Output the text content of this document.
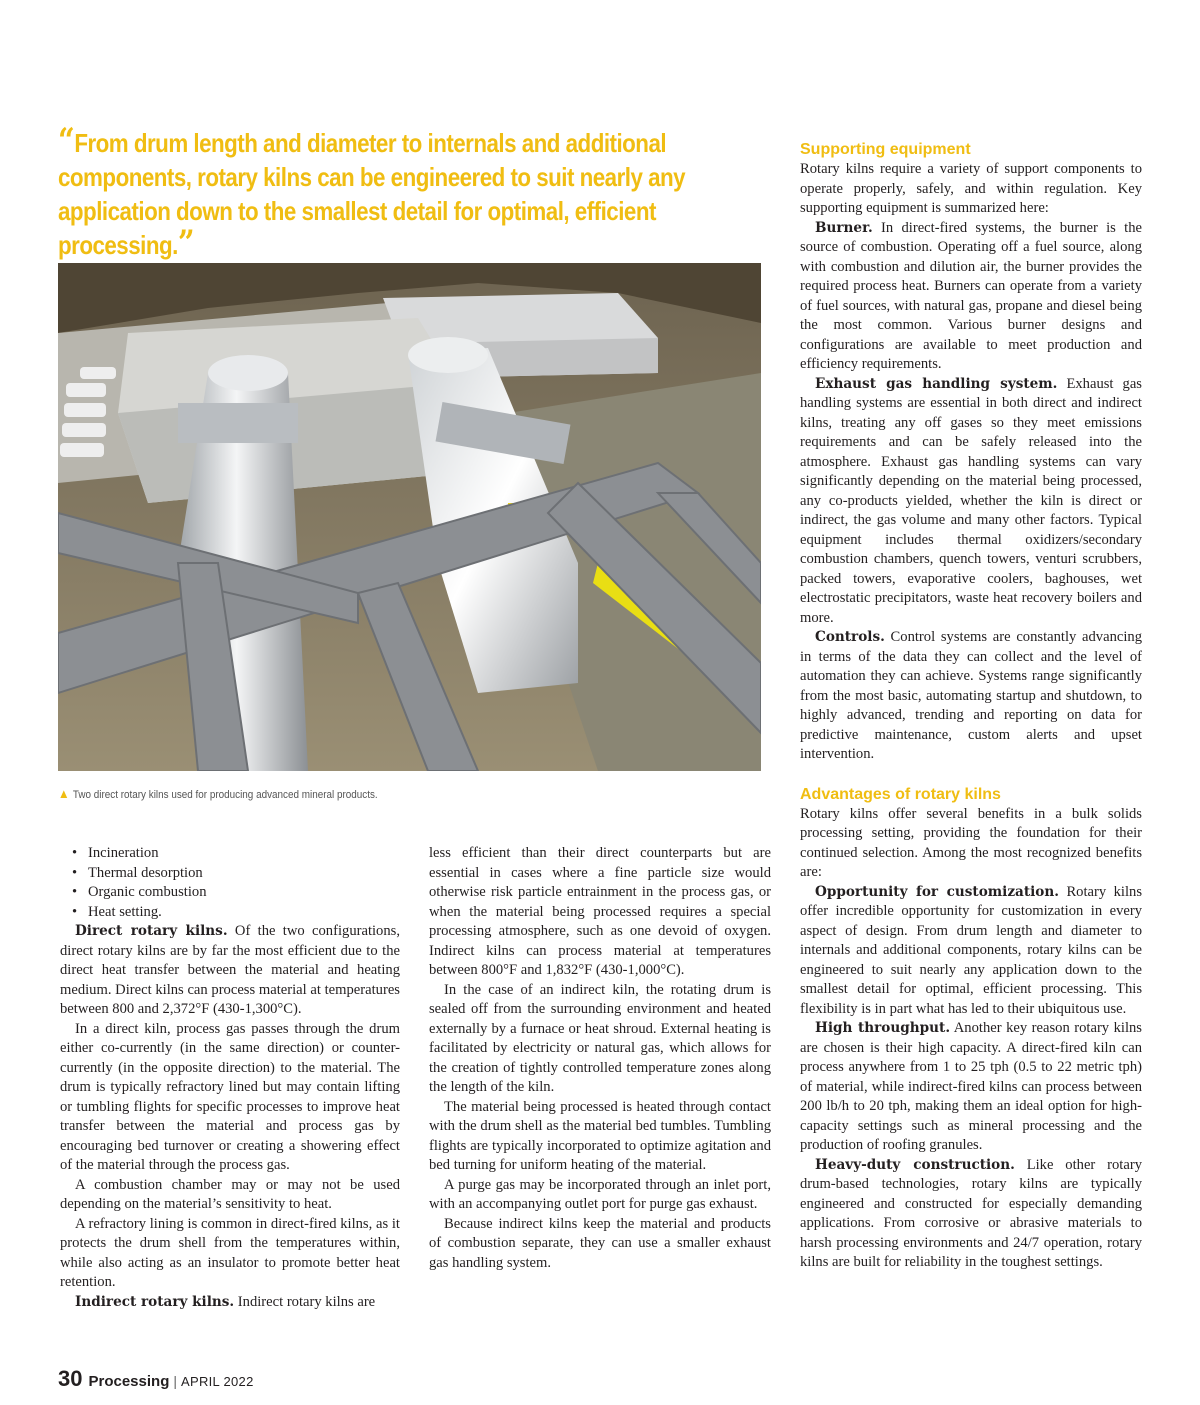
“From drum length and diameter to internals and additional components, rotary kilns can be engineered to suit nearly any application down to the smallest detail for optimal, efficient processing.”
▲ Two direct rotary kilns used for producing advanced mineral products.
• Incineration
• Thermal desorption
• Organic combustion
• Heat setting.

Direct rotary kilns. Of the two configurations, direct rotary kilns are by far the most efficient due to the direct heat transfer between the material and heating medium. Direct kilns can process material at temperatures between 800 and 2,372°F (430-1,300°C).

In a direct kiln, process gas passes through the drum either co-currently (in the same direction) or counter-currently (in the opposite direction) to the material. The drum is typically refractory lined but may contain lifting or tumbling flights for specific processes to improve heat transfer between the material and process gas by encouraging bed turnover or creating a showering effect of the material through the process gas.

A combustion chamber may or may not be used depending on the material’s sensitivity to heat.

A refractory lining is common in direct-fired kilns, as it protects the drum shell from the temperatures within, while also acting as an insulator to promote better heat retention.

Indirect rotary kilns. Indirect rotary kilns are

less efficient than their direct counterparts but are essential in cases where a fine particle size would otherwise risk particle entrainment in the process gas, or when the material being processed requires a special processing atmosphere, such as one devoid of oxygen. Indirect kilns can process material at temperatures between 800°F and 1,832°F (430-1,000°C).

In the case of an indirect kiln, the rotating drum is sealed off from the surrounding environment and heated externally by a furnace or heat shroud. External heating is facilitated by electricity or natural gas, which allows for the creation of tightly controlled temperature zones along the length of the kiln.

The material being processed is heated through contact with the drum shell as the material bed tumbles. Tumbling flights are typically incorporated to optimize agitation and bed turning for uniform heating of the material.

A purge gas may be incorporated through an inlet port, with an accompanying outlet port for purge gas exhaust.

Because indirect kilns keep the material and products of combustion separate, they can use a smaller exhaust gas handling system.

Supporting equipment

Rotary kilns require a variety of support components to operate properly, safely, and within regulation. Key supporting equipment is summarized here:

Burner. In direct-fired systems, the burner is the source of combustion. Operating off a fuel source, along with combustion and dilution air, the burner provides the required process heat. Burners can operate from a variety of fuel sources, with natural gas, propane and diesel being the most common. Various burner designs and configurations are available to meet production and efficiency requirements.

Exhaust gas handling system. Exhaust gas handling systems are essential in both direct and indirect kilns, treating any off gases so they meet emissions requirements and can be safely released into the atmosphere. Exhaust gas handling systems can vary significantly depending on the material being processed, any co-products yielded, whether the kiln is direct or indirect, the gas volume and many other factors. Typical equipment includes thermal oxidizers/secondary combustion chambers, quench towers, venturi scrubbers, packed towers, evaporative coolers, baghouses, wet electrostatic precipitators, waste heat recovery boilers and more.

Controls. Control systems are constantly advancing in terms of the data they can collect and the level of automation they can achieve. Systems range significantly from the most basic, automating startup and shutdown, to highly advanced, trending and reporting on data for predictive maintenance, custom alerts and upset intervention.

Advantages of rotary kilns

Rotary kilns offer several benefits in a bulk solids processing setting, providing the foundation for their continued selection. Among the most recognized benefits are:

Opportunity for customization. Rotary kilns offer incredible opportunity for customization in every aspect of design. From drum length and diameter to internals and additional components, rotary kilns can be engineered to suit nearly any application down to the smallest detail for optimal, efficient processing. This flexibility is in part what has led to their ubiquitous use.

High throughput. Another key reason rotary kilns are chosen is their high capacity. A direct-fired kiln can process anywhere from 1 to 25 tph (0.5 to 22 metric tph) of material, while indirect-fired kilns can process between 200 lb/h to 20 tph, making them an ideal option for high-capacity settings such as mineral processing and the production of roofing granules.

Heavy-duty construction. Like other rotary drum-based technologies, rotary kilns are typically engineered and constructed for especially demanding applications. From corrosive or abrasive materials to harsh processing environments and 24/7 operation, rotary kilns are built for reliability in the toughest settings.

30 Processing | APRIL 2022
